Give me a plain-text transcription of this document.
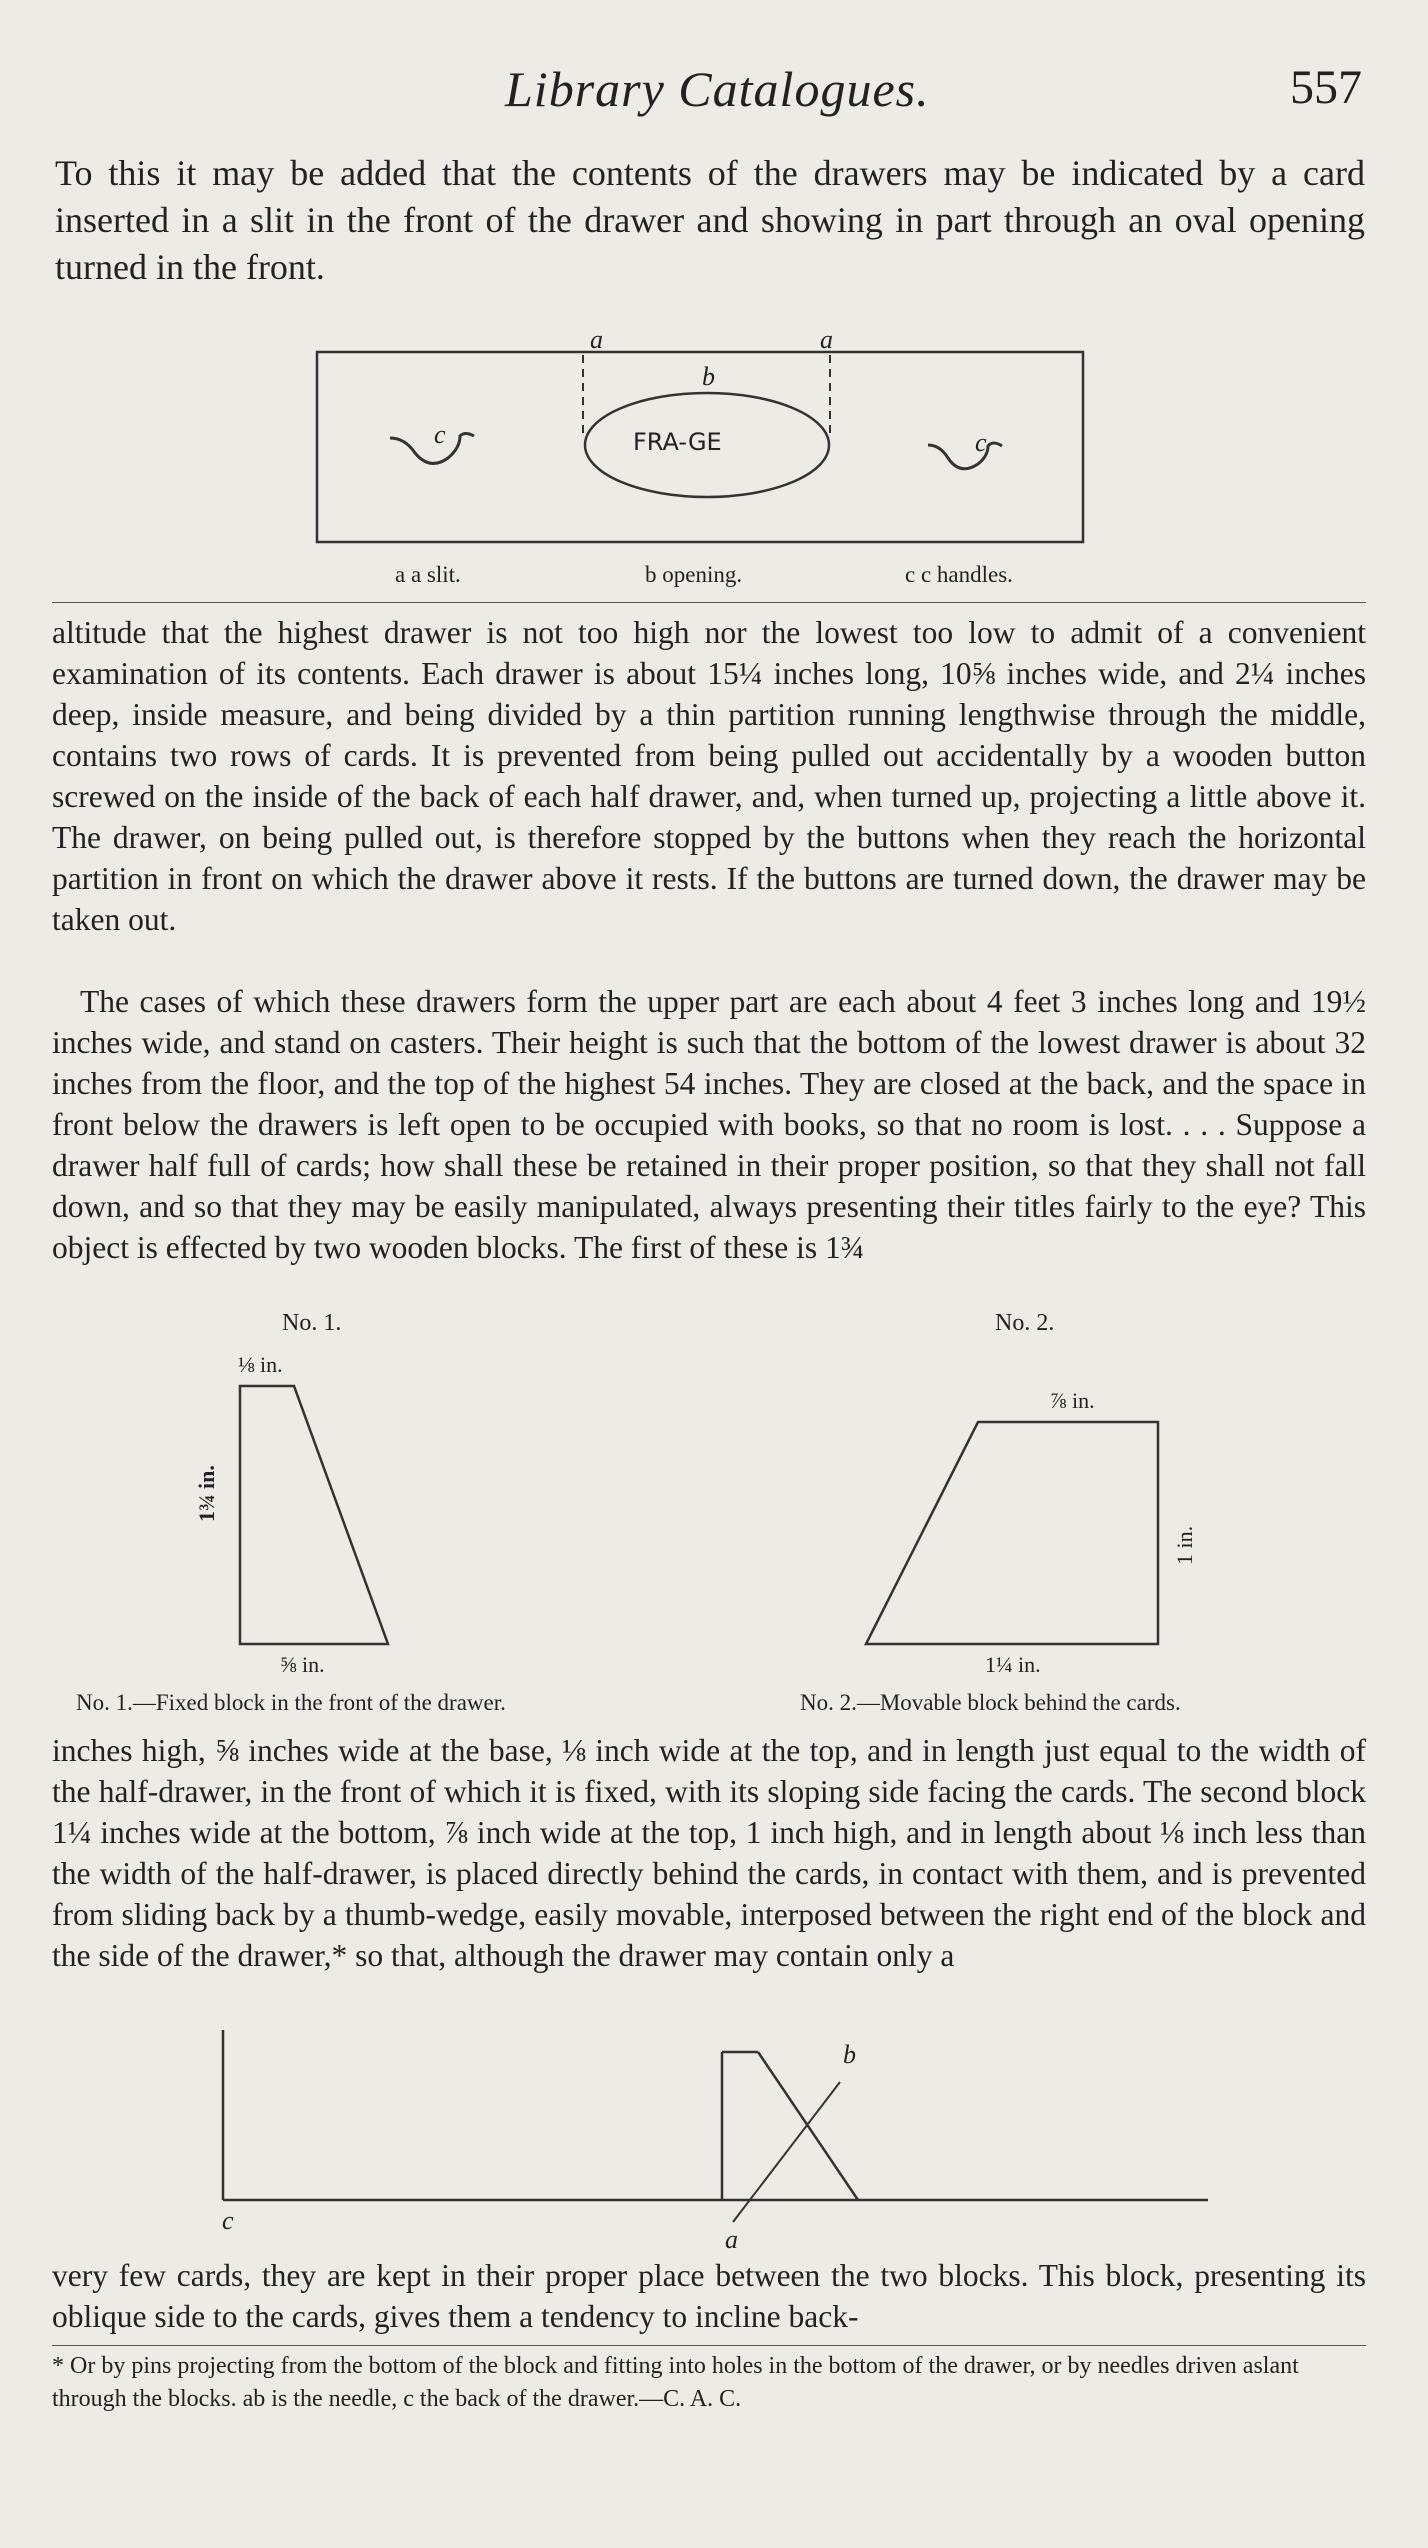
Library Catalogues.	557

To this it may be added that the contents of the drawers may be indicated by a card inserted in a slit in the front of the drawer and showing in part through an oval opening turned in the front.

a	a
b
c	c
FRA-GE
a a slit.	b opening.	c c handles.

altitude that the highest drawer is not too high nor the lowest too low to admit of a convenient examination of its contents. Each drawer is about 15¼ inches long, 10⅝ inches wide, and 2¼ inches deep, inside measure, and being divided by a thin partition running lengthwise through the middle, contains two rows of cards. It is prevented from being pulled out accidentally by a wooden button screwed on the inside of the back of each half drawer, and, when turned up, projecting a little above it. The drawer, on being pulled out, is therefore stopped by the buttons when they reach the horizontal partition in front on which the drawer above it rests. If the buttons are turned down, the drawer may be taken out.

The cases of which these drawers form the upper part are each about 4 feet 3 inches long and 19½ inches wide, and stand on casters. Their height is such that the bottom of the lowest drawer is about 32 inches from the floor, and the top of the highest 54 inches. They are closed at the back, and the space in front below the drawers is left open to be occupied with books, so that no room is lost. . . . Suppose a drawer half full of cards; how shall these be retained in their proper position, so that they shall not fall down, and so that they may be easily manipulated, always presenting their titles fairly to the eye? This object is effected by two wooden blocks. The first of these is 1¾

No. 1.
⅛ in.
1¾ in.
⅝ in.
No. 2.
⅞ in.
1 in.
1¼ in.
No. 1.—Fixed block in the front of the drawer.	No. 2.—Movable block behind the cards.

inches high, ⅝ inches wide at the base, ⅛ inch wide at the top, and in length just equal to the width of the half-drawer, in the front of which it is fixed, with its sloping side facing the cards. The second block 1¼ inches wide at the bottom, ⅞ inch wide at the top, 1 inch high, and in length about ⅛ inch less than the width of the half-drawer, is placed directly behind the cards, in contact with them, and is prevented from sliding back by a thumb-wedge, easily movable, interposed between the right end of the block and the side of the drawer,* so that, although the drawer may contain only a

b
c
a

very few cards, they are kept in their proper place between the two blocks. This block, presenting its oblique side to the cards, gives them a tendency to incline back-

* Or by pins projecting from the bottom of the block and fitting into holes in the bottom of the drawer, or by needles driven aslant through the blocks. ab is the needle, c the back of the drawer.—C. A. C.
